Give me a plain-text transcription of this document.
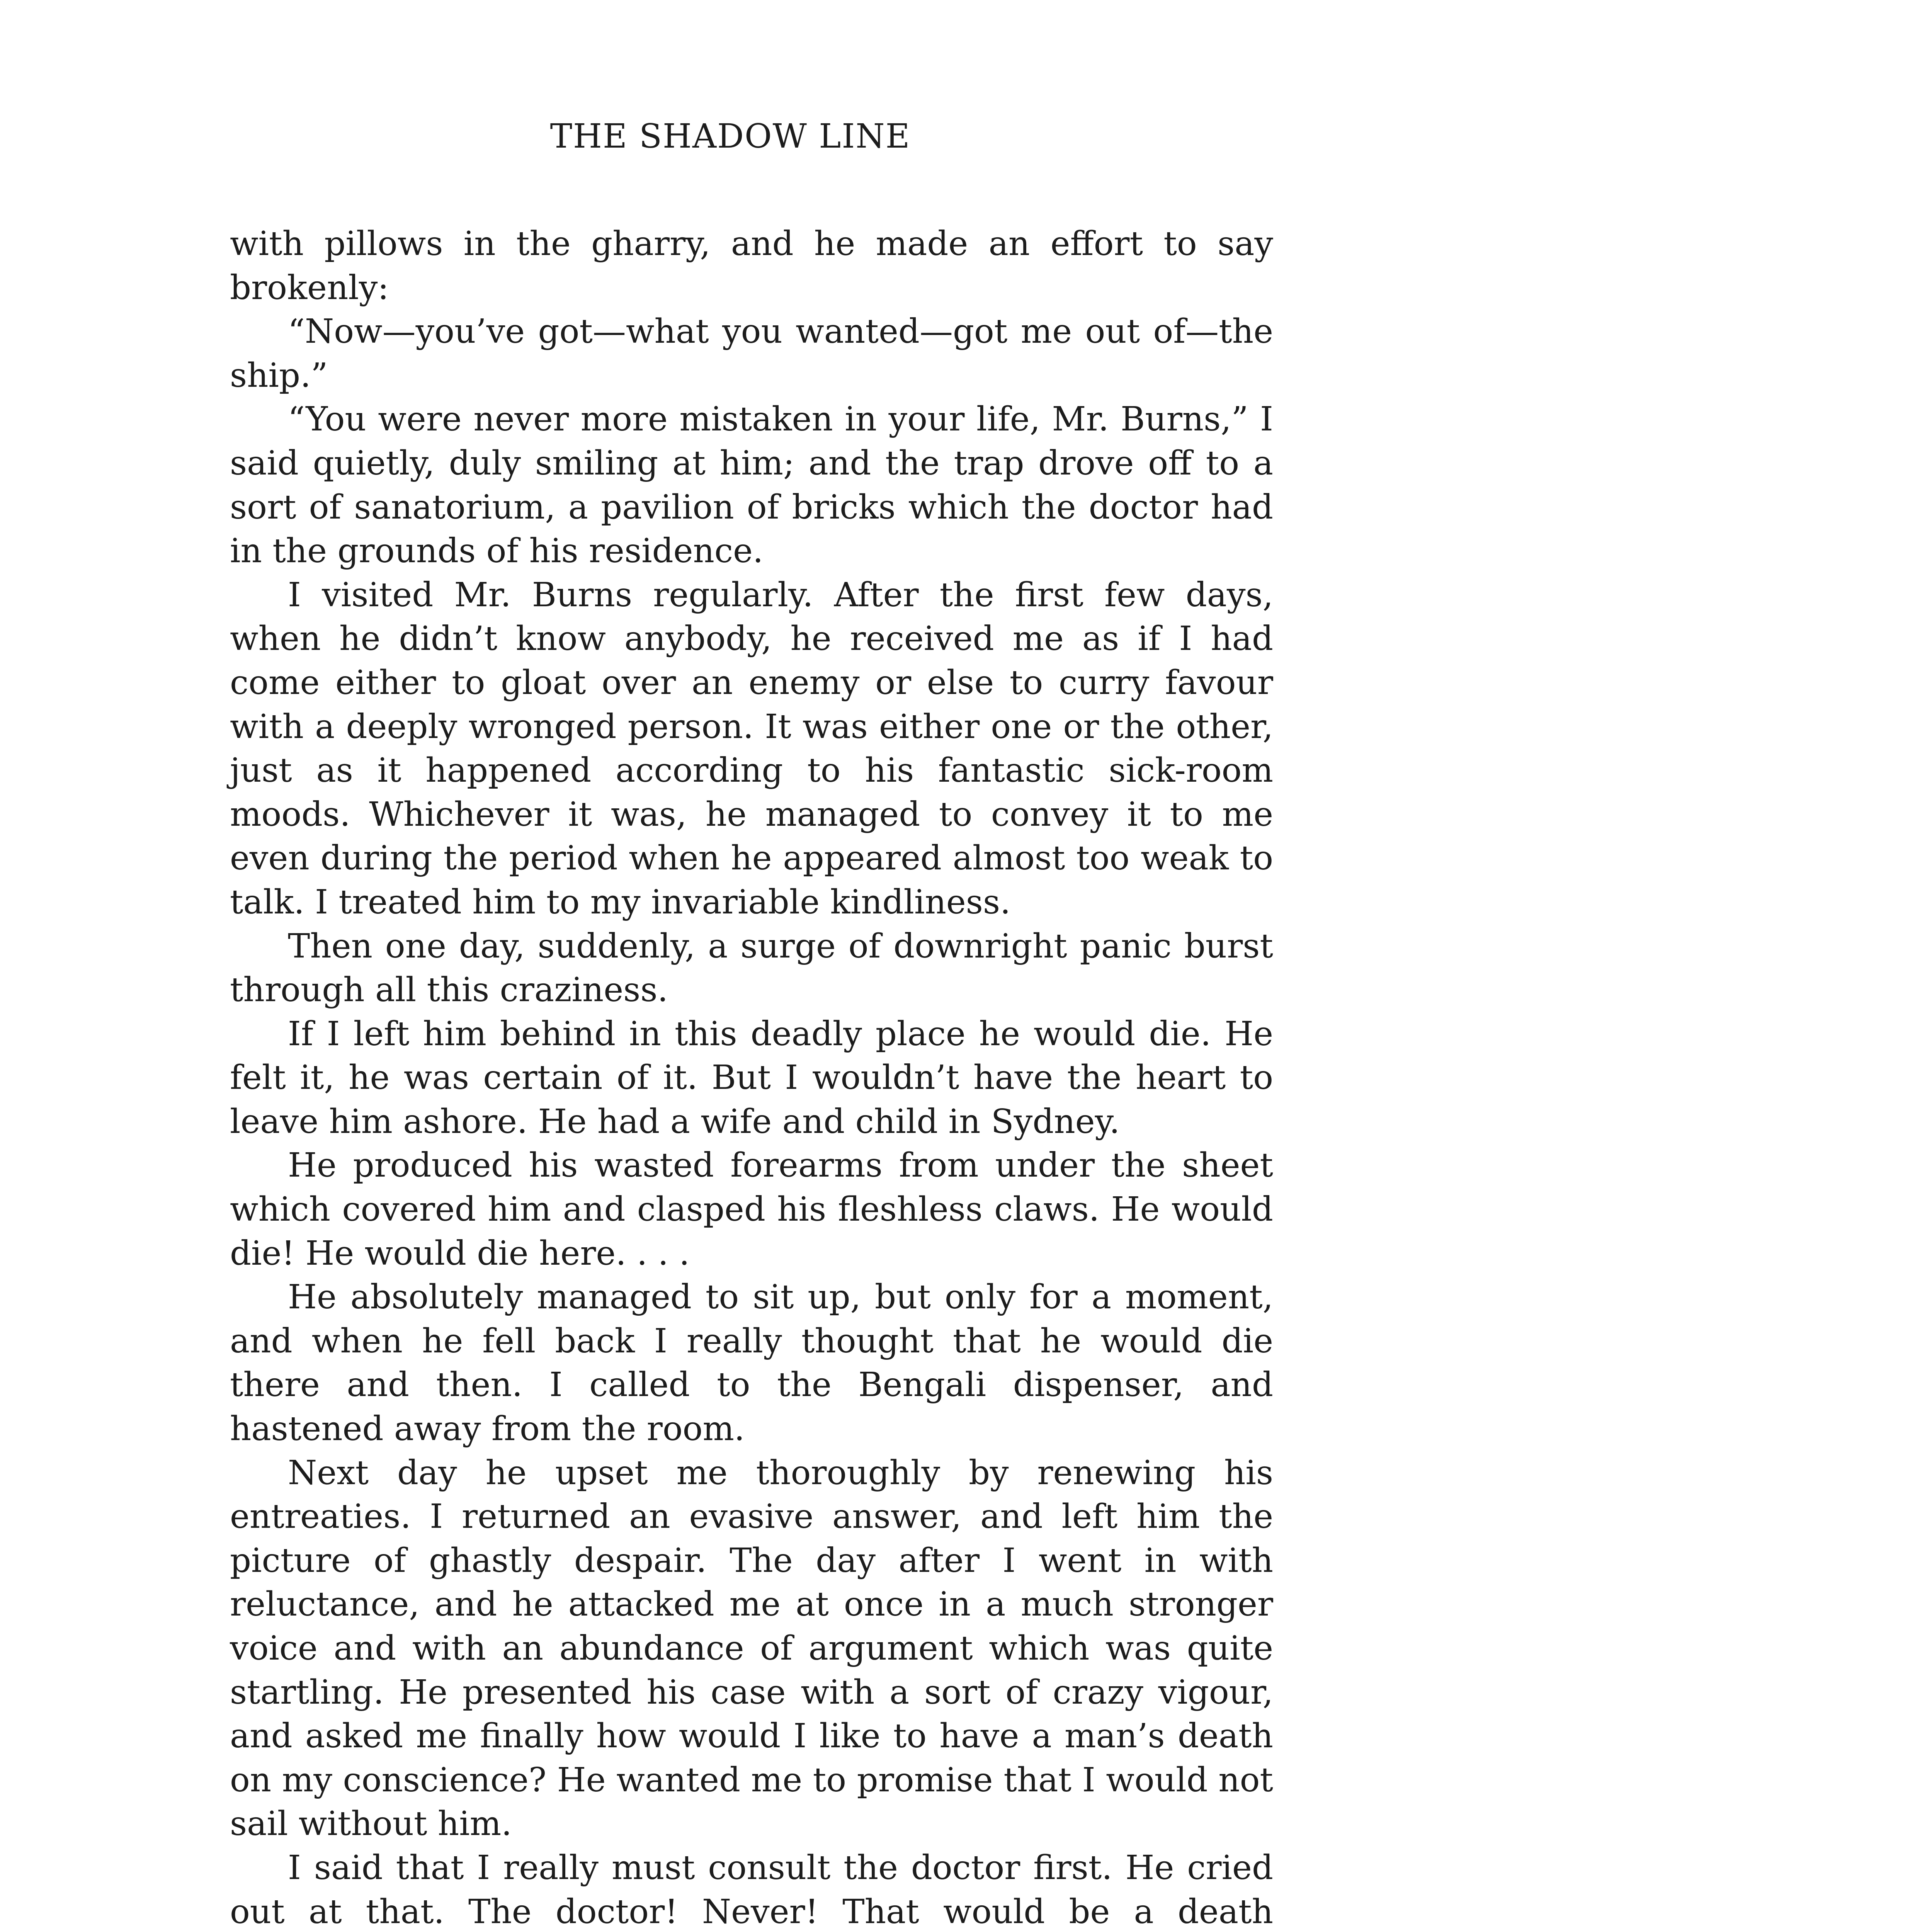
THE SHADOW LINE

with pillows in the gharry, and he made an effort to say brokenly:

“Now—you’ve got—what you wanted—got me out of—the ship.”

“You were never more mistaken in your life, Mr. Burns,” I said quietly, duly smiling at him; and the trap drove off to a sort of sanatorium, a pavilion of bricks which the doctor had in the grounds of his residence.

I visited Mr. Burns regularly. After the first few days, when he didn’t know anybody, he received me as if I had come either to gloat over an enemy or else to curry favour with a deeply wronged person. It was either one or the other, just as it happened according to his fantastic sick-room moods. Whichever it was, he managed to convey it to me even during the period when he appeared almost too weak to talk. I treated him to my invariable kindliness.

Then one day, suddenly, a surge of downright panic burst through all this craziness.

If I left him behind in this deadly place he would die. He felt it, he was certain of it. But I wouldn’t have the heart to leave him ashore. He had a wife and child in Sydney.

He produced his wasted forearms from under the sheet which covered him and clasped his fleshless claws. He would die! He would die here. . . .

He absolutely managed to sit up, but only for a moment, and when he fell back I really thought that he would die there and then. I called to the Bengali dispenser, and hastened away from the room.

Next day he upset me thoroughly by renewing his entreaties. I returned an evasive answer, and left him the picture of ghastly despair. The day after I went in with reluctance, and he attacked me at once in a much stronger voice and with an abundance of argument which was quite startling. He presented his case with a sort of crazy vigour, and asked me finally how would I like to have a man’s death on my conscience? He wanted me to promise that I would not sail without him.

I said that I really must consult the doctor first. He cried out at that. The doctor! Never! That would be a death
